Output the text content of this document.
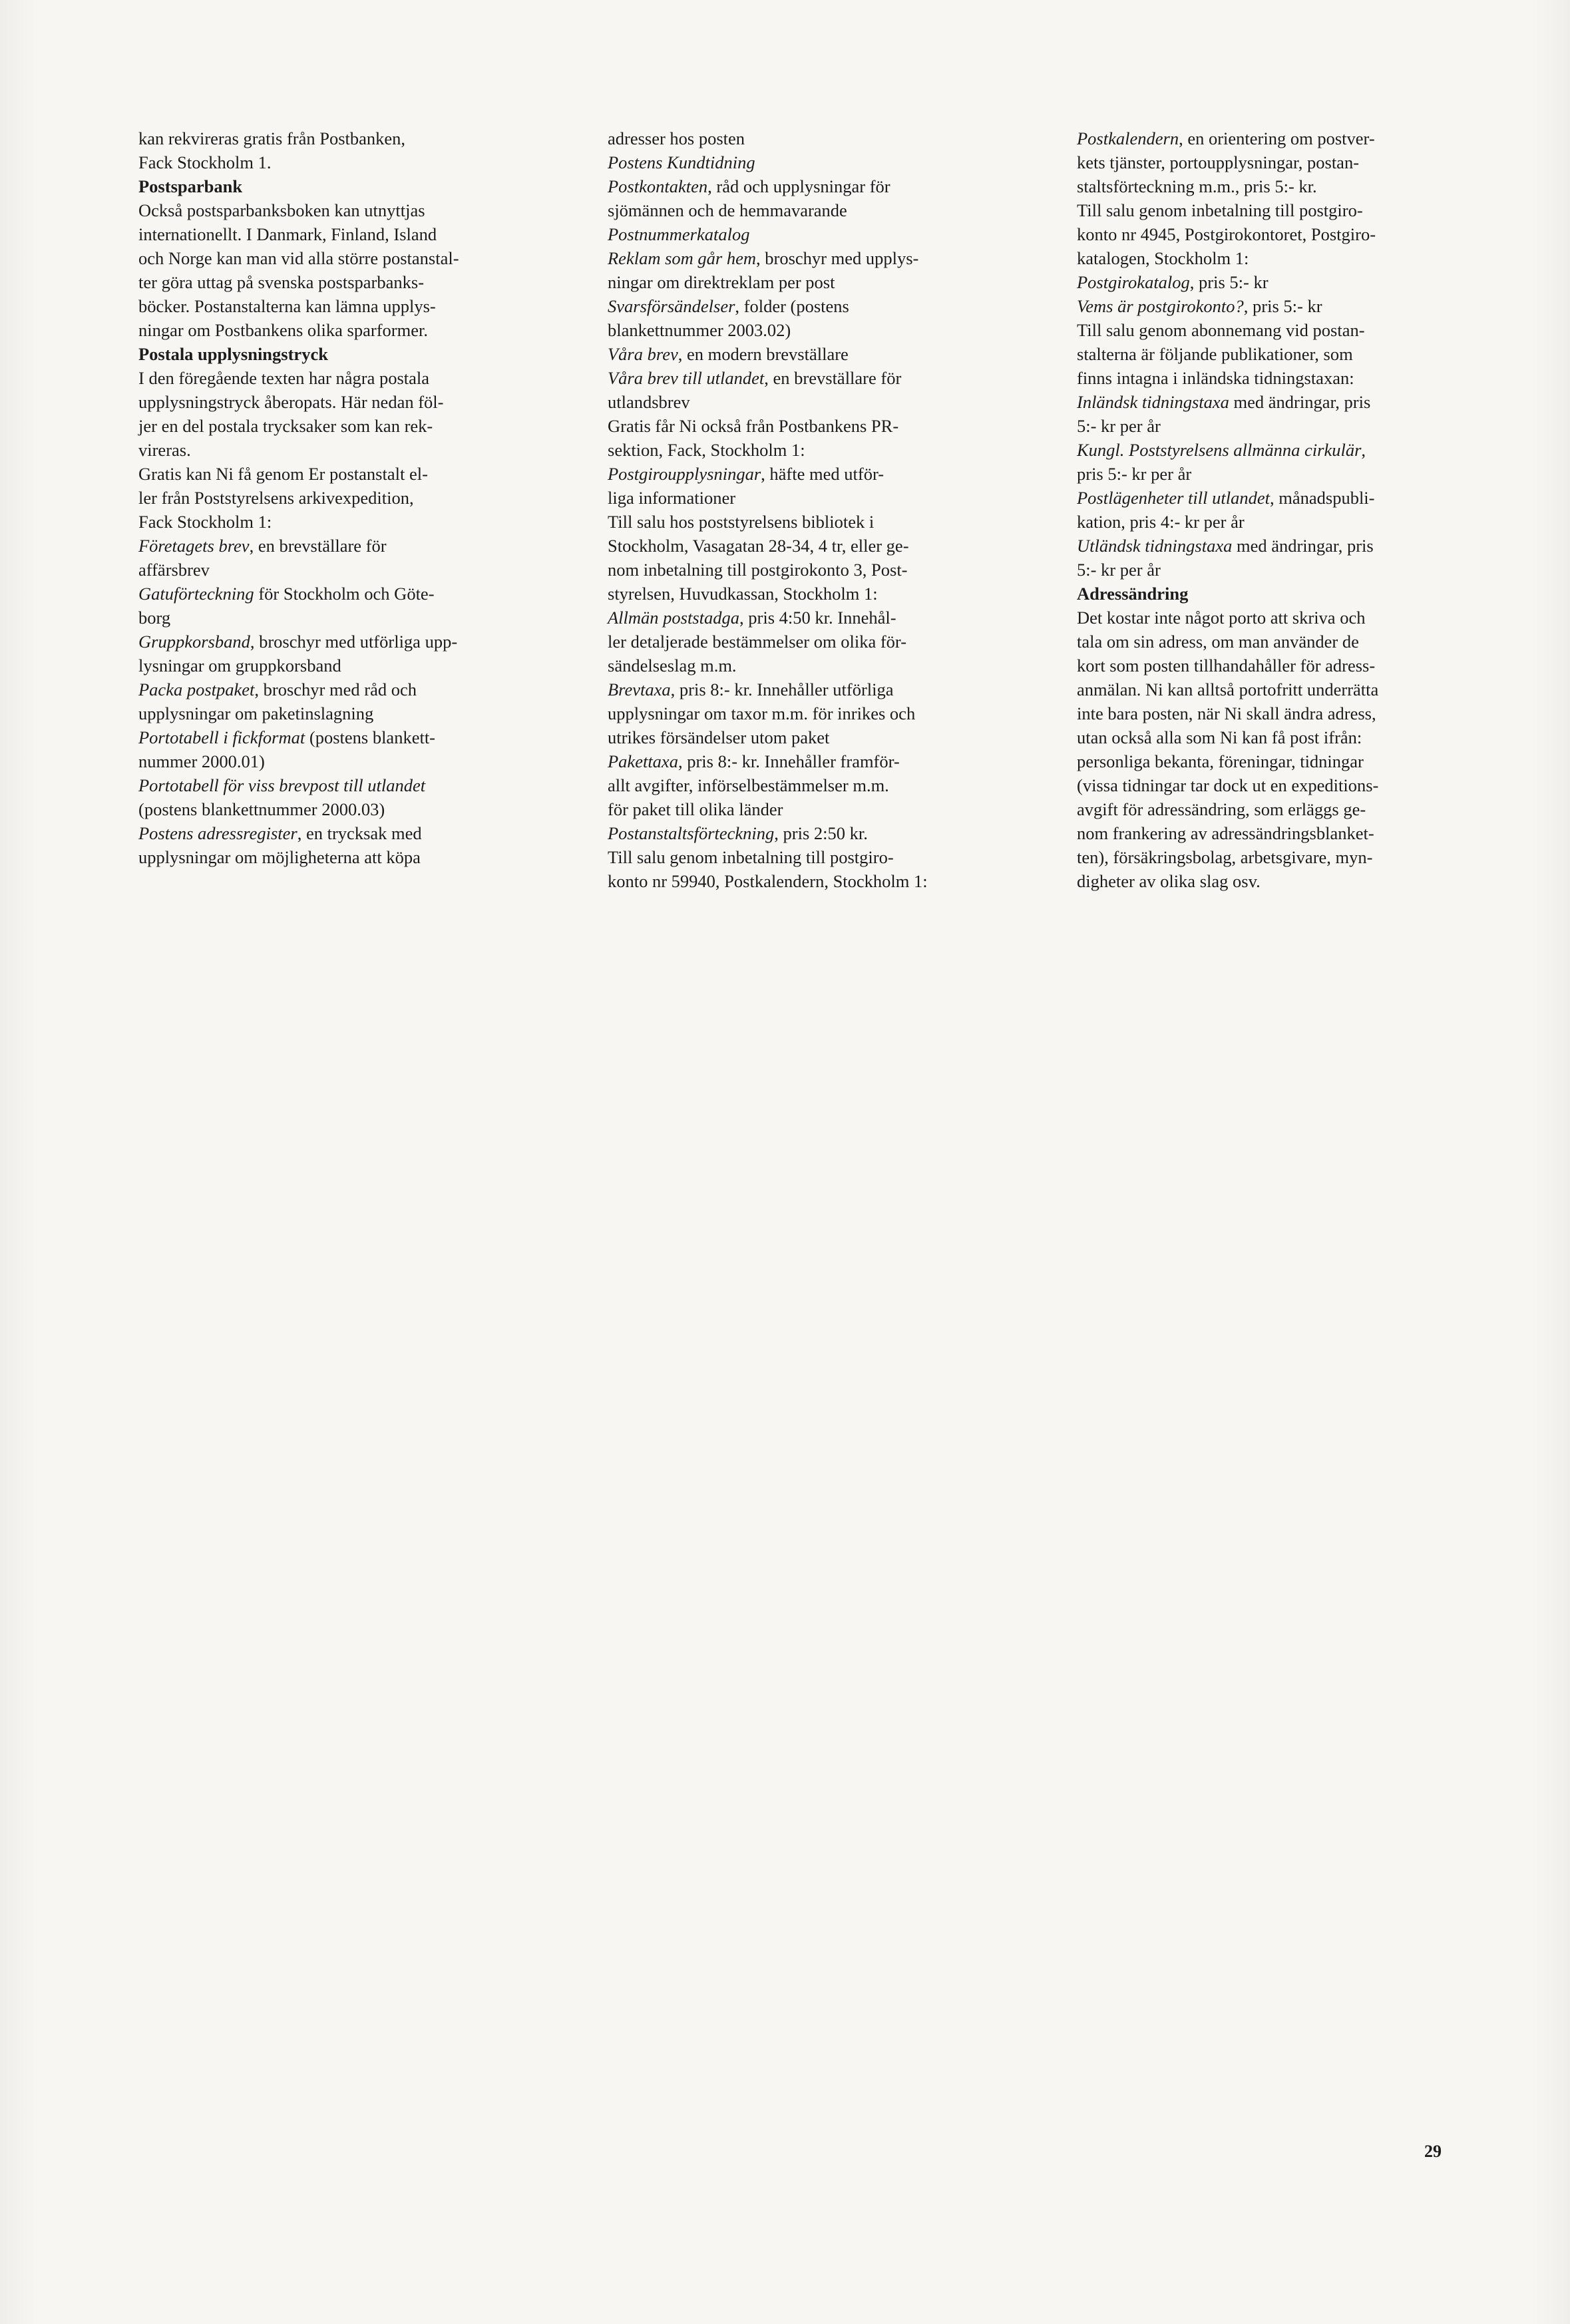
kan rekvireras gratis från Postbanken,
Fack Stockholm 1.
Postsparbank
Också postsparbanksboken kan utnyttjas
internationellt. I Danmark, Finland, Island
och Norge kan man vid alla större postanstal-
ter göra uttag på svenska postsparbanks-
böcker. Postanstalterna kan lämna upplys-
ningar om Postbankens olika sparformer.
Postala upplysningstryck
I den föregående texten har några postala
upplysningstryck åberopats. Här nedan föl-
jer en del postala trycksaker som kan rek-
vireras.
Gratis kan Ni få genom Er postanstalt el-
ler från Poststyrelsens arkivexpedition,
Fack Stockholm 1:
Företagets brev, en brevställare för
affärsbrev
Gatuförteckning för Stockholm och Göte-
borg
Gruppkorsband, broschyr med utförliga upp-
lysningar om gruppkorsband
Packa postpaket, broschyr med råd och
upplysningar om paketinslagning
Portotabell i fickformat (postens blankett-
nummer 2000.01)
Portotabell för viss brevpost till utlandet
(postens blankettnummer 2000.03)
Postens adressregister, en trycksak med
upplysningar om möjligheterna att köpa
adresser hos posten
Postens Kundtidning
Postkontakten, råd och upplysningar för
sjömännen och de hemmavarande
Postnummerkatalog
Reklam som går hem, broschyr med upplys-
ningar om direktreklam per post
Svarsförsändelser, folder (postens
blankettnummer 2003.02)
Våra brev, en modern brevställare
Våra brev till utlandet, en brevställare för
utlandsbrev
Gratis får Ni också från Postbankens PR-
sektion, Fack, Stockholm 1:
Postgiroupplysningar, häfte med utför-
liga informationer
Till salu hos poststyrelsens bibliotek i
Stockholm, Vasagatan 28-34, 4 tr, eller ge-
nom inbetalning till postgirokonto 3, Post-
styrelsen, Huvudkassan, Stockholm 1:
Allmän poststadga, pris 4:50 kr. Innehål-
ler detaljerade bestämmelser om olika för-
sändelseslag m.m.
Brevtaxa, pris 8:- kr. Innehåller utförliga
upplysningar om taxor m.m. för inrikes och
utrikes försändelser utom paket
Pakettaxa, pris 8:- kr. Innehåller framför-
allt avgifter, införselbestämmelser m.m.
för paket till olika länder
Postanstaltsförteckning, pris 2:50 kr.
Till salu genom inbetalning till postgiro-
konto nr 59940, Postkalendern, Stockholm 1:
Postkalendern, en orientering om postver-
kets tjänster, portoupplysningar, postan-
staltsförteckning m.m., pris 5:- kr.
Till salu genom inbetalning till postgiro-
konto nr 4945, Postgirokontoret, Postgiro-
katalogen, Stockholm 1:
Postgirokatalog, pris 5:- kr
Vems är postgirokonto?, pris 5:- kr
Till salu genom abonnemang vid postan-
stalterna är följande publikationer, som
finns intagna i inländska tidningstaxan:
Inländsk tidningstaxa med ändringar, pris
5:- kr per år
Kungl. Poststyrelsens allmänna cirkulär,
pris 5:- kr per år
Postlägenheter till utlandet, månadspubli-
kation, pris 4:- kr per år
Utländsk tidningstaxa med ändringar, pris
5:- kr per år
Adressändring
Det kostar inte något porto att skriva och
tala om sin adress, om man använder de
kort som posten tillhandahåller för adress-
anmälan. Ni kan alltså portofritt underrätta
inte bara posten, när Ni skall ändra adress,
utan också alla som Ni kan få post ifrån:
personliga bekanta, föreningar, tidningar
(vissa tidningar tar dock ut en expeditions-
avgift för adressändring, som erläggs ge-
nom frankering av adressändringsblanket-
ten), försäkringsbolag, arbetsgivare, myn-
digheter av olika slag osv.
29
